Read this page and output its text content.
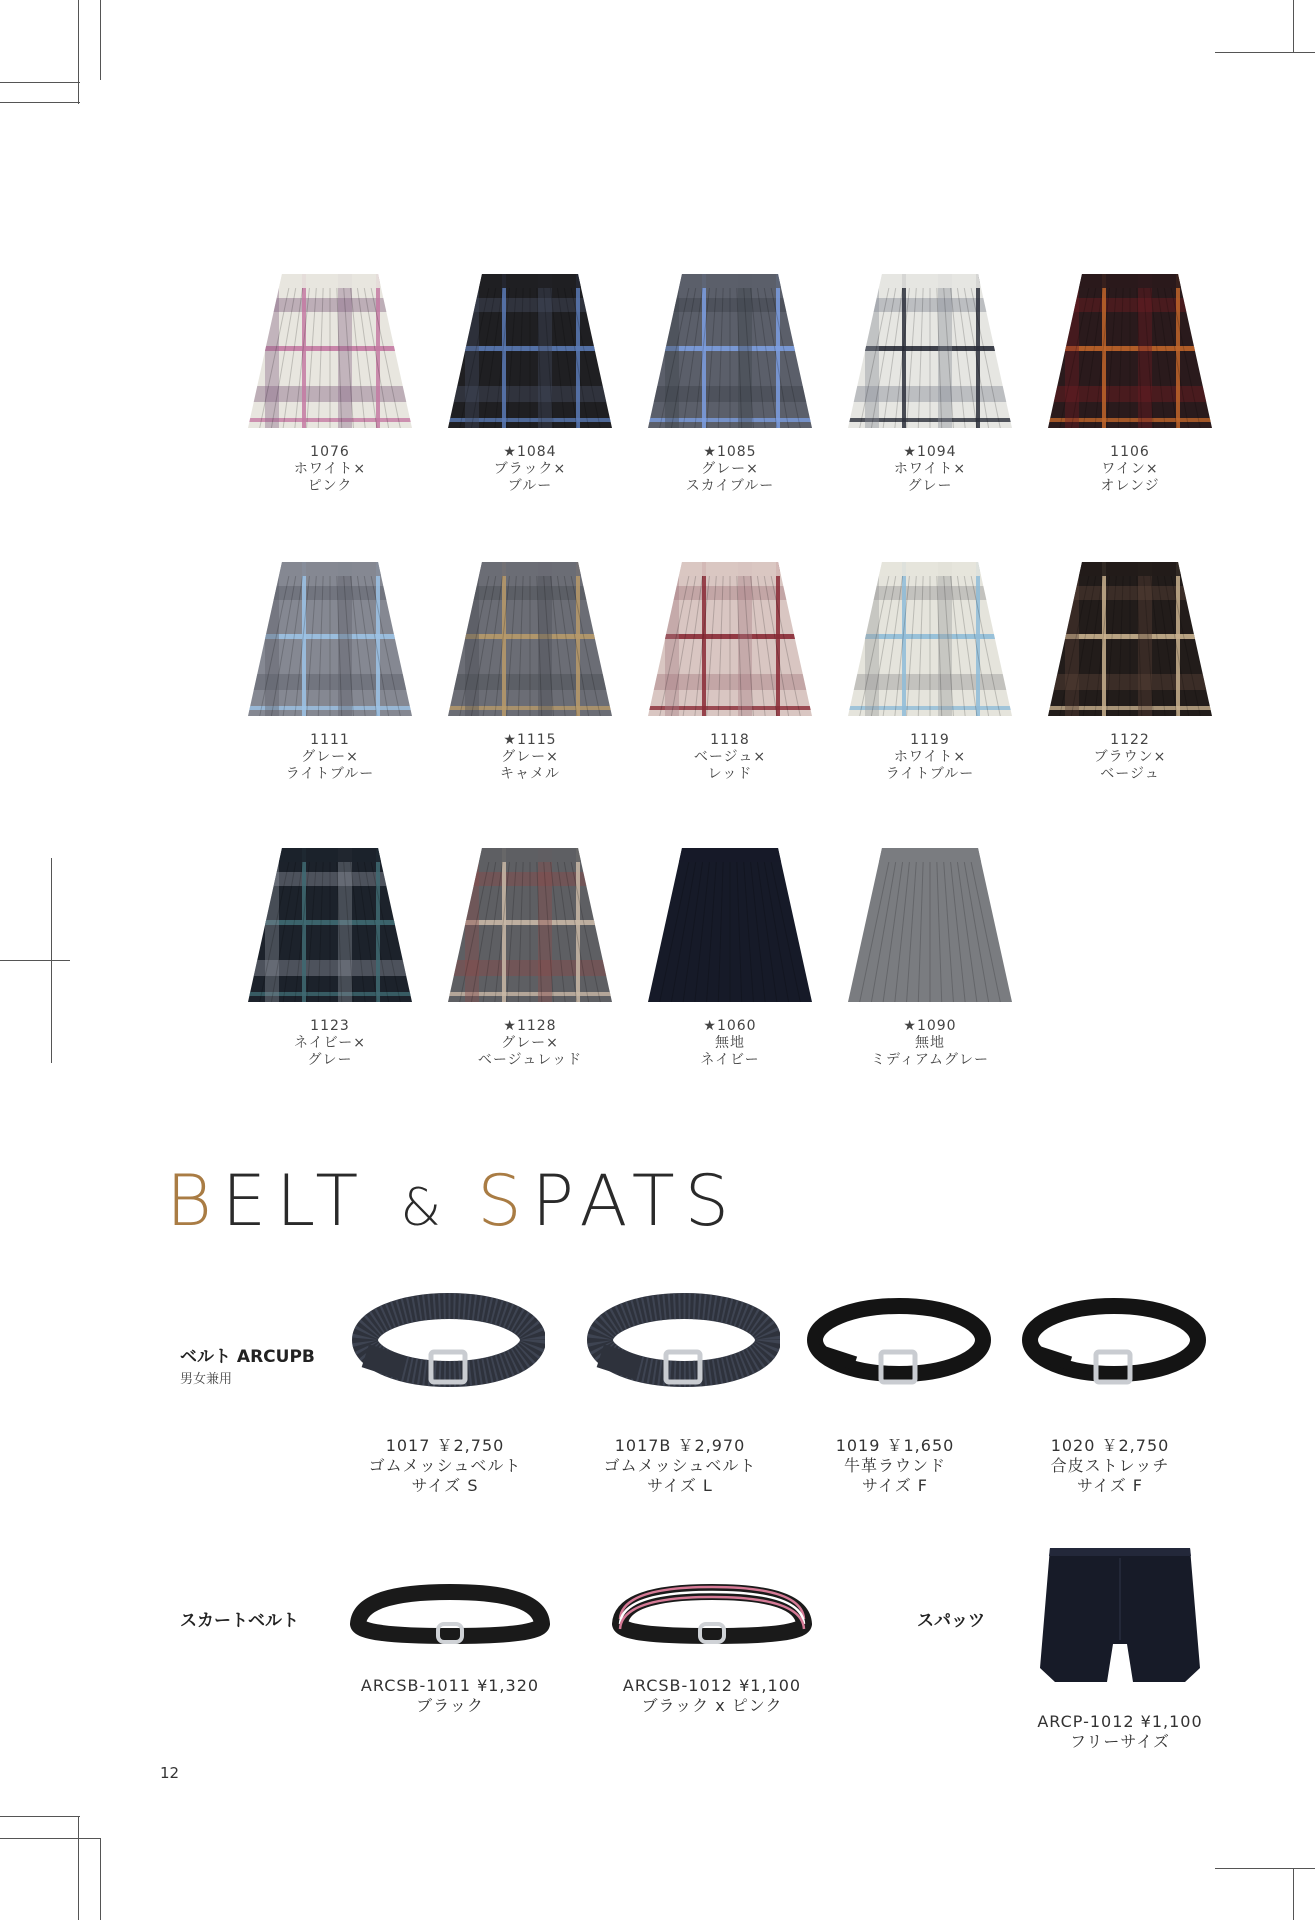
1076
ホワイト×
ピンク
★1084
ブラック×
ブルー
★1085
グレー×
スカイブルー
★1094
ホワイト×
グレー
1106
ワイン×
オレンジ
1111
グレー×
ライトブルー
★1115
グレー×
キャメル
1118
ベージュ×
レッド
1119
ホワイト×
ライトブルー
1122
ブラウン×
ベージュ
1123
ネイビー×
グレー
★1128
グレー×
ベージュレッド
★1060
無地
ネイビー
★1090
無地
ミディアムグレー
BELT & SPATS
ベルト ARCUPB
男女兼用
1017 ￥2,750
ゴムメッシュベルト
サイズ S
1017B ￥2,970
ゴムメッシュベルト
サイズ L
1019 ￥1,650
牛革ラウンド
サイズ F
1020 ￥2,750
合皮ストレッチ
サイズ F
スカートベルト
ARCSB-1011 ¥1,320
ブラック
ARCSB-1012 ¥1,100
ブラック x ピンク
スパッツ
ARCP-1012 ¥1,100
フリーサイズ
12
